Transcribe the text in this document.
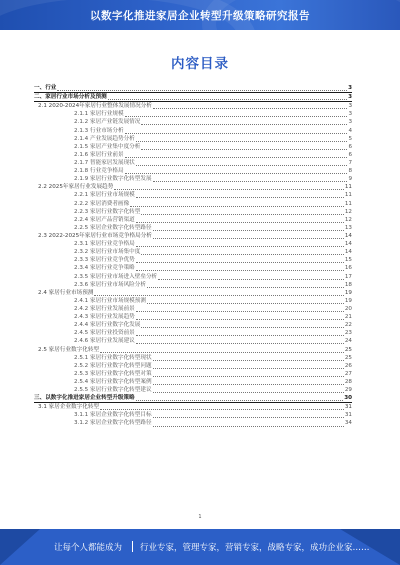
以数字化推进家居企业转型升级策略研究报告
内容目录
一、行业	3
二、家居行业市场分析及预测	3
2.1 2020-2024年家居行业整体发展情况分析	3
2.1.1 家居行业规模	3
2.1.2 家居产业链发展情况	3
2.1.3 行业市场分析	4
2.1.4 产业发展趋势分析	5
2.1.5 家居产业集中度分析	6
2.1.6 家居行业前景	6
2.1.7 智能家居发展现状	7
2.1.8 行业竞争格局	8
2.1.9 家居行业数字化转型发展	9
2.2 2025年家居行业发展趋势	11
2.2.1 家居行业市场规模	11
2.2.2 家居消费者画像	11
2.2.3 家居行业数字化转型	12
2.2.4 家居产品营销渠道	12
2.2.5 家居企业数字化转型路径	13
2.3 2022-2025年家居行业市场竞争格局分析	14
2.3.1 家居行业竞争格局	14
2.3.2 家居行业市场集中度	14
2.3.3 家居行业竞争优势	15
2.3.4 家居行业竞争策略	16
2.3.5 家居行业市场进入壁垒分析	17
2.3.6 家居行业市场风险分析	18
2.4 家居行业市场预测	19
2.4.1 家居行业市场规模预测	19
2.4.2 家居行业发展前景	20
2.4.3 家居行业发展趋势	21
2.4.4 家居行业数字化发展	22
2.4.5 家居行业投资前景	23
2.4.6 家居行业发展建议	24
2.5 家居行业数字化转型	25
2.5.1 家居行业数字化转型现状	25
2.5.2 家居行业数字化转型问题	26
2.5.3 家居行业数字化转型对策	27
2.5.4 家居行业数字化转型案例	28
2.5.5 家居行业数字化转型建议	29
三、以数字化推进家居企业转型升级策略	30
3.1 家居企业数字化转型	31
3.1.1 家居企业数字化转型目标	31
3.1.2 家居企业数字化转型路径	34
1
让每个人都能成为 行业专家，管理专家，营销专家，战略专家，成功企业家……
